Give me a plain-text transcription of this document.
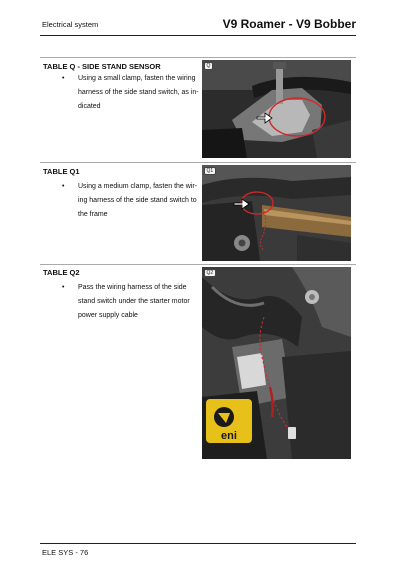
Electrical system	V9 Roamer - V9 Bobber
TABLE Q - SIDE STAND SENSOR
• Using a small clamp, fasten the wiring
harness of the side stand switch, as in-
dicated
Q
TABLE Q1
• Using a medium clamp, fasten the wir-
ing harness of the side stand switch to
the frame
Q1
TABLE Q2
• Pass the wiring harness of the side
stand switch under the starter motor
power supply cable
eni
Q2
ELE SYS - 76
